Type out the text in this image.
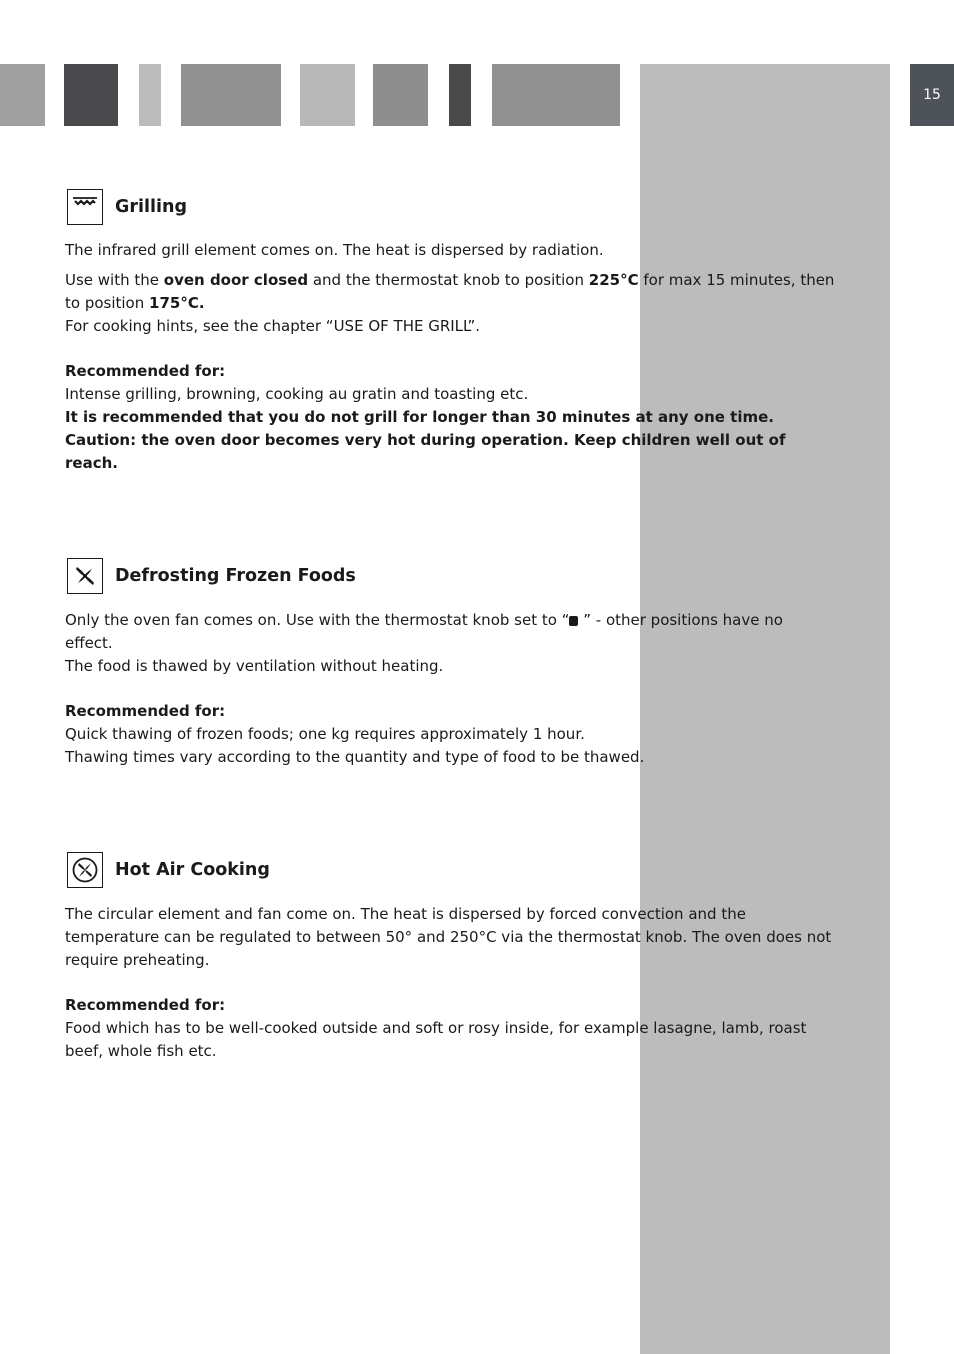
15
Grilling

The infrared grill element comes on. The heat is dispersed by radiation.

Use with the oven door closed and the thermostat knob to position 225°C for max 15 minutes, then to position 175°C.

For cooking hints, see the chapter “USE OF THE GRILL”.

Recommended for:

Intense grilling, browning, cooking au gratin and toasting etc.

It is recommended that you do not grill for longer than 30 minutes at any one time.

Caution: the oven door becomes very hot during operation. Keep children well out of reach.

Defrosting Frozen Foods

Only the oven fan comes on. Use with the thermostat knob set to “ ” - other positions have no effect.

The food is thawed by ventilation without heating.

Recommended for:

Quick thawing of frozen foods; one kg requires approximately 1 hour.

Thawing times vary according to the quantity and type of food to be thawed.

Hot Air Cooking

The circular element and fan come on. The heat is dispersed by forced convection and the temperature can be regulated to between 50° and 250°C via the thermostat knob. The oven does not require preheating.

Recommended for:

Food which has to be well-cooked outside and soft or rosy inside, for example lasagne, lamb, roast beef, whole fish etc.
